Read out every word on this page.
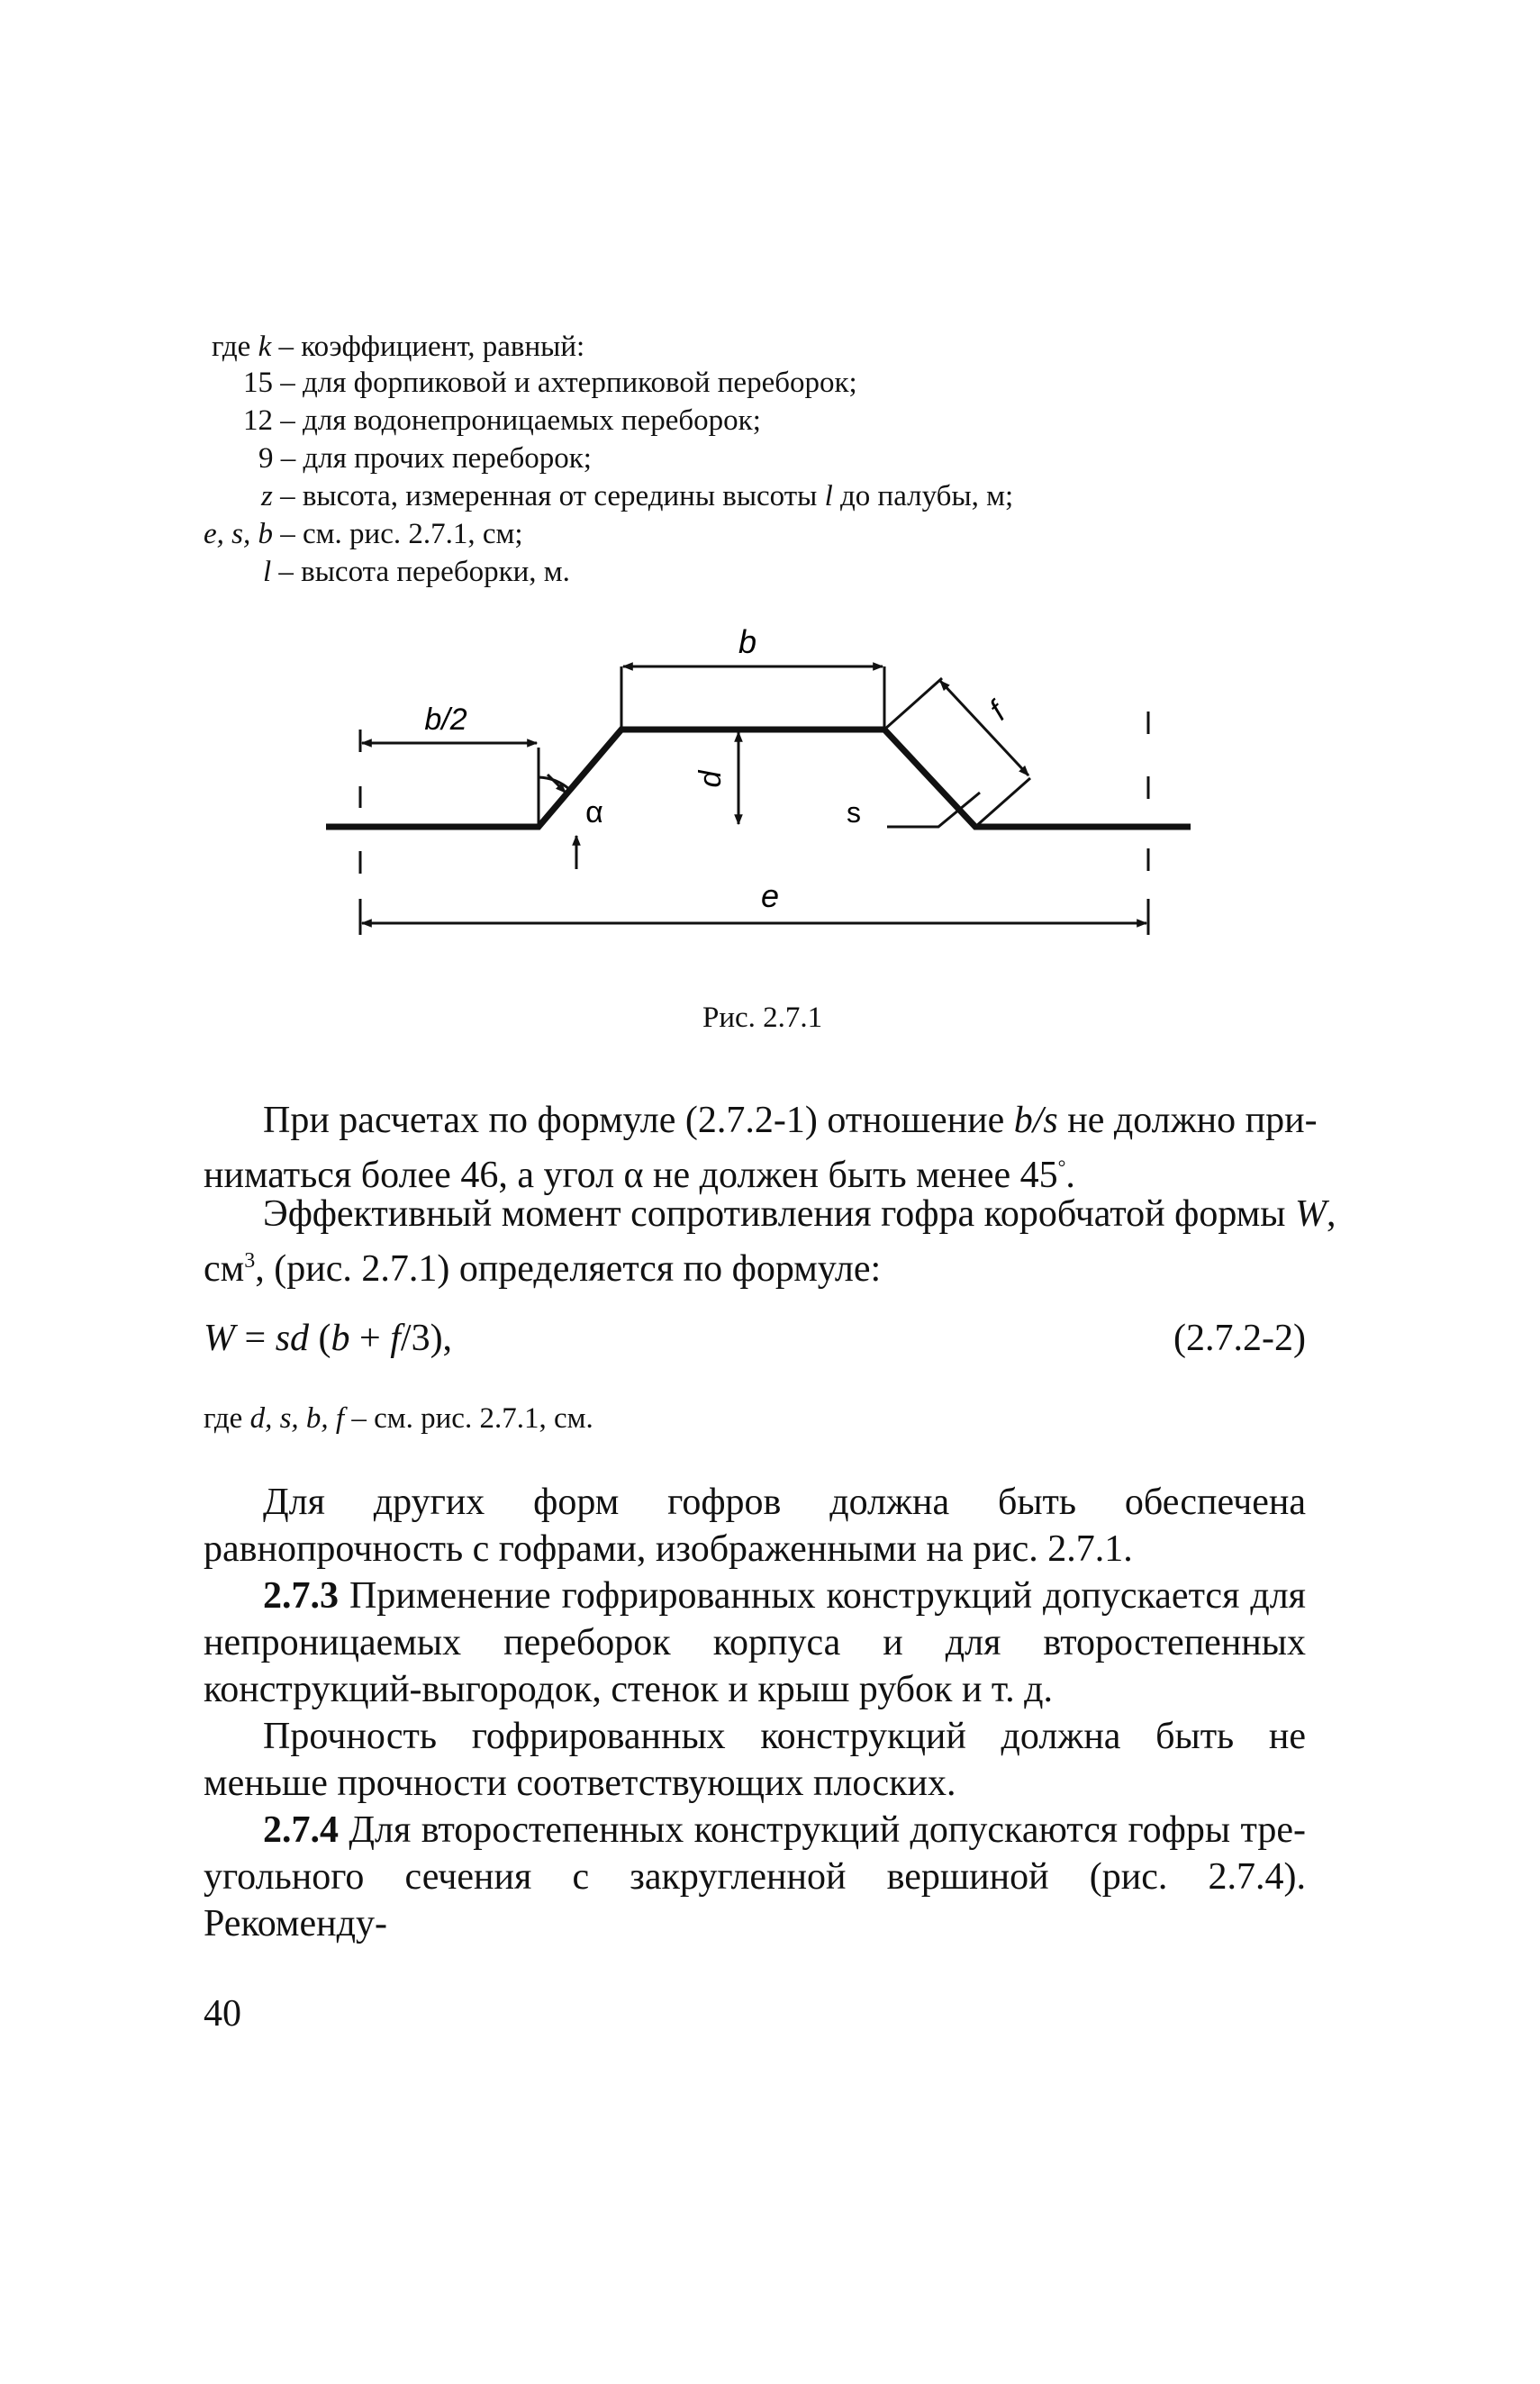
где k – коэффициент, равный:
15 – для форпиковой и ахтерпиковой переборок;
12 – для водонепроницаемых переборок;
9 – для прочих переборок;
z – высота, измеренная от середины высоты l до палубы, м;
e, s, b – см. рис. 2.7.1, см;
l – высота переборки, м.
b
b/2
d
f
s
α
e
Рис. 2.7.1
При расчетах по формуле (2.7.2-1) отношение b/s не должно при-
ниматься более 46, а угол α не должен быть менее 45°.
Эффективный момент сопротивления гофра коробчатой формы W,
$см^3$, (рис. 2.7.1) определяется по формуле:
W = sd (b + f/3),	(2.7.2-2)
где d, s, b, f – см. рис. 2.7.1, см.
Для других форм гофров должна быть обеспечена равнопрочность с гофрами, изображенными на рис. 2.7.1.
2.7.3 Применение гофрированных конструкций допускается для непроницаемых переборок корпуса и для второстепенных конструкций-выгородок, стенок и крыш рубок и т. д.
Прочность гофрированных конструкций должна быть не меньше прочности соответствующих плоских.
2.7.4 Для второстепенных конструкций допускаются гофры треугольного сечения с закругленной вершиной (рис. 2.7.4). Рекоменду-
40
